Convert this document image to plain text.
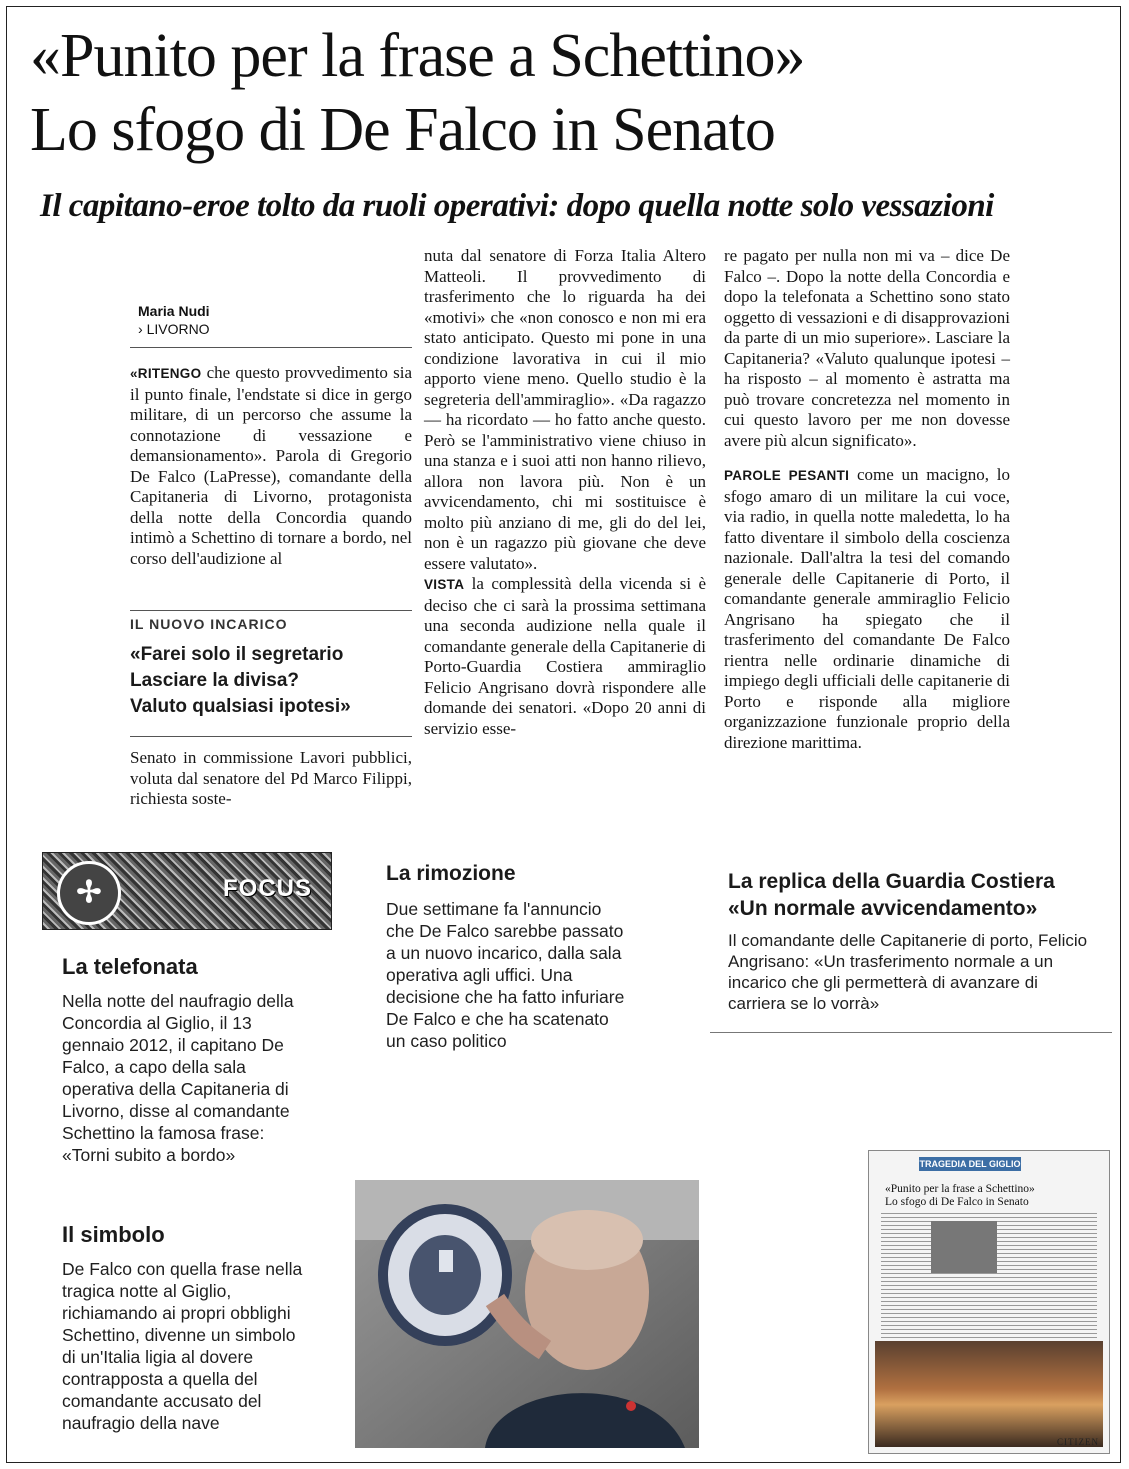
«Punito per la frase a Schettino»
Lo sfogo di De Falco in Senato
Il capitano-eroe tolto da ruoli operativi: dopo quella notte solo vessazioni
Maria Nudi
› LIVORNO

«RITENGO che questo provvedimento sia il punto finale, l'endstate si dice in gergo militare, di un percorso che assume la connotazione di vessazione e demansionamento». Parola di Gregorio De Falco (LaPresse), comandante della Capitaneria di Livorno, protagonista della notte della Concordia quando intimò a Schettino di tornare a bordo, nel corso dell'audizione al

IL NUOVO INCARICO
«Farei solo il segretario
Lasciare la divisa?
Valuto qualsiasi ipotesi»

Senato in commissione Lavori pubblici, voluta dal senatore del Pd Marco Filippi, richiesta soste-

nuta dal senatore di Forza Italia Altero Matteoli. Il provvedimento di trasferimento che lo riguarda ha dei «motivi» che «non conosco e non mi era stato anticipato. Questo mi pone in una condizione lavorativa in cui il mio apporto viene meno. Quello studio è la segreteria dell'ammiraglio». «Da ragazzo — ha ricordato — ho fatto anche questo. Però se l'amministrativo viene chiuso in una stanza e i suoi atti non hanno rilievo, allora non lavora più. Non è un avvicendamento, chi mi sostituisce è molto più anziano di me, gli do del lei, non è un ragazzo più giovane che deve essere valutato».

VISTA la complessità della vicenda si è deciso che ci sarà la prossima settimana una seconda audizione nella quale il comandante generale della Capitanerie di Porto-Guardia Costiera ammiraglio Felicio Angrisano dovrà rispondere alle domande dei senatori. «Dopo 20 anni di servizio esse-

re pagato per nulla non mi va – dice De Falco –. Dopo la notte della Concordia e dopo la telefonata a Schettino sono stato oggetto di vessazioni e di disapprovazioni da parte di un mio superiore». Lasciare la Capitaneria? «Valuto qualunque ipotesi – ha risposto – al momento è astratta ma può trovare concretezza nel momento in cui questo lavoro per me non dovesse avere più alcun significato».

PAROLE PESANTI come un macigno, lo sfogo amaro di un militare la cui voce, via radio, in quella notte maledetta, lo ha fatto diventare il simbolo della coscienza nazionale. Dall'altra la tesi del comando generale delle Capitanerie di Porto, il comandante generale ammiraglio Felicio Angrisano ha spiegato che il trasferimento del comandante De Falco rientra nelle ordinarie dinamiche di impiego degli ufficiali delle capitanerie di Porto e risponde alla migliore organizzazione funzionale proprio della direzione marittima.

✢	FOCUS
La telefonata

Nella notte del naufragio della Concordia al Giglio, il 13 gennaio 2012, il capitano De Falco, a capo della sala operativa della Capitaneria di Livorno, disse al comandante Schettino la famosa frase: «Torni subito a bordo»

Il simbolo

De Falco con quella frase nella tragica notte al Giglio, richiamando ai propri obblighi Schettino, divenne un simbolo di un'Italia ligia al dovere contrapposta a quella del comandante accusato del naufragio della nave

La rimozione

Due settimane fa l'annuncio che De Falco sarebbe passato a un nuovo incarico, dalla sala operativa agli uffici. Una decisione che ha fatto infuriare De Falco e che ha scatenato un caso politico

La replica della Guardia Costiera
«Un normale avvicendamento»

Il comandante delle Capitanerie di porto, Felicio Angrisano: «Un trasferimento normale a un incarico che gli permetterà di avanzare di carriera se lo vorrà»

TRAGEDIA DEL GIGLIO
«Punito per la frase a Schettino»
Lo sfogo di De Falco in Senato
CITIZEN
